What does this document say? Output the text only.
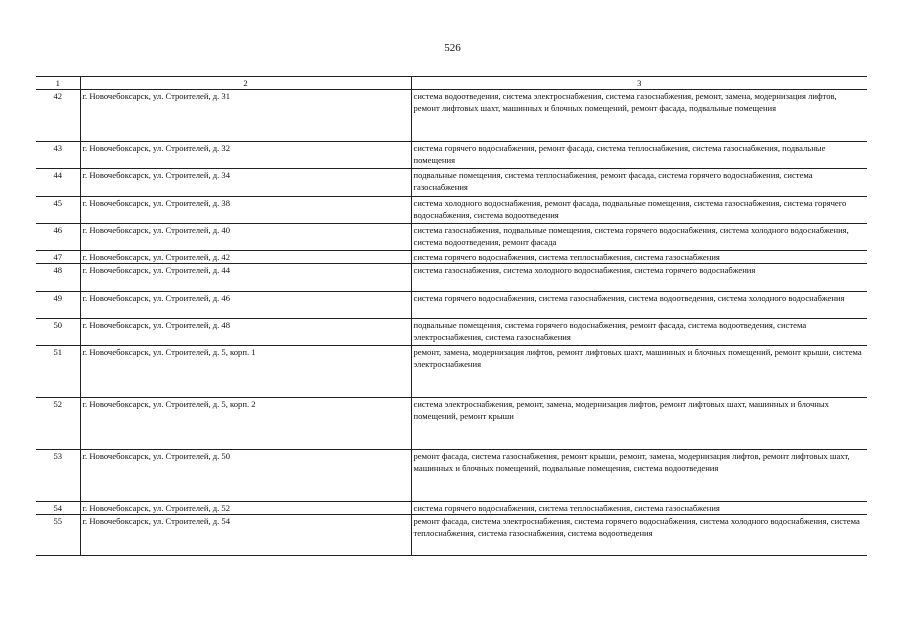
526
1	2	3
42	г. Новочебоксарск, ул. Строителей, д. 31	система водоотведения, система электроснабжения, система газоснабжения, ремонт, замена, модернизация лифтов, ремонт лифтовых шахт, машинных и блочных помещений, ремонт фасада, подвальные помещения
43	г. Новочебоксарск, ул. Строителей, д. 32	система горячего водоснабжения, ремонт фасада, система теплоснабжения, система газоснабжения, подвальные помещения
44	г. Новочебоксарск, ул. Строителей, д. 34	подвальные помещения, система теплоснабжения, ремонт фасада, система горячего водоснабжения, система газоснабжения
45	г. Новочебоксарск, ул. Строителей, д. 38	система холодного водоснабжения, ремонт фасада, подвальные помещения, система газоснабжения, система горячего водоснабжения, система водоотведения
46	г. Новочебоксарск, ул. Строителей, д. 40	система газоснабжения, подвальные помещения, система горячего водоснабжения, система холодного водоснабжения, система водоотведения, ремонт фасада
47	г. Новочебоксарск, ул. Строителей, д. 42	система горячего водоснабжения, система теплоснабжения, система газоснабжения
48	г. Новочебоксарск, ул. Строителей, д. 44	система газоснабжения, система холодного водоснабжения, система горячего водоснабжения
49	г. Новочебоксарск, ул. Строителей, д. 46	система горячего водоснабжения, система газоснабжения, система водоотведения, система холодного водоснабжения
50	г. Новочебоксарск, ул. Строителей, д. 48	подвальные помещения, система горячего водоснабжения, ремонт фасада, система водоотведения, система электроснабжения, система газоснабжения
51	г. Новочебоксарск, ул. Строителей, д. 5, корп. 1	ремонт, замена, модернизация лифтов, ремонт лифтовых шахт, машинных и блочных помещений, ремонт крыши, система электроснабжения
52	г. Новочебоксарск, ул. Строителей, д. 5, корп. 2	система электроснабжения, ремонт, замена, модернизация лифтов, ремонт лифтовых шахт, машинных и блочных помещений, ремонт крыши
53	г. Новочебоксарск, ул. Строителей, д. 50	ремонт фасада, система газоснабжения, ремонт крыши, ремонт, замена, модернизация лифтов, ремонт лифтовых шахт, машинных и блочных помещений, подвальные помещения, система водоотведения
54	г. Новочебоксарск, ул. Строителей, д. 52	система горячего водоснабжения, система теплоснабжения, система газоснабжения
55	г. Новочебоксарск, ул. Строителей, д. 54	ремонт фасада, система электроснабжения, система горячего водоснабжения, система холодного водоснабжения, система теплоснабжения, система газоснабжения, система водоотведения
